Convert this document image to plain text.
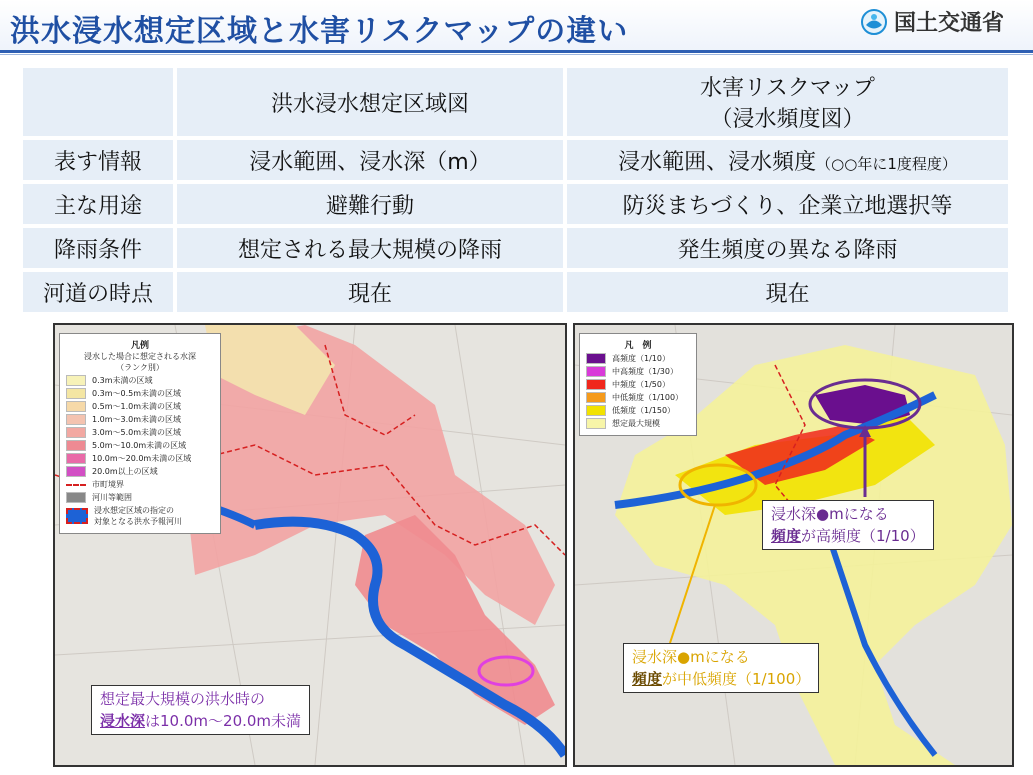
洪水浸水想定区域と水害リスクマップの違い	国土交通省
	洪水浸水想定区域図	水害リスクマップ
（浸水頻度図）

表す情報	浸水範囲、浸水深（m）	浸水範囲、浸水頻度（○○年に1度程度）
主な用途	避難行動	防災まちづくり、企業立地選択等
降雨条件	想定される最大規模の降雨	発生頻度の異なる降雨
河道の時点	現在	現在
凡例
浸水した場合に想定される水深
（ランク別）
0.3m未満の区域
0.3m～0.5m未満の区域
0.5m～1.0m未満の区域
1.0m～3.0m未満の区域
3.0m～5.0m未満の区域
5.0m～10.0m未満の区域
10.0m～20.0m未満の区域
20.0m以上の区域
市町境界
河川等範囲
浸水想定区域の指定の
対象となる洪水予報河川
想定最大規模の洪水時の
浸水深は10.0m～20.0m未満
凡　例
高頻度（1/10）
中高頻度（1/30）
中頻度（1/50）
中低頻度（1/100）
低頻度（1/150）
想定最大規模
浸水深●mになる
頻度が高頻度（1/10）
浸水深●mになる
頻度が中低頻度（1/100）
